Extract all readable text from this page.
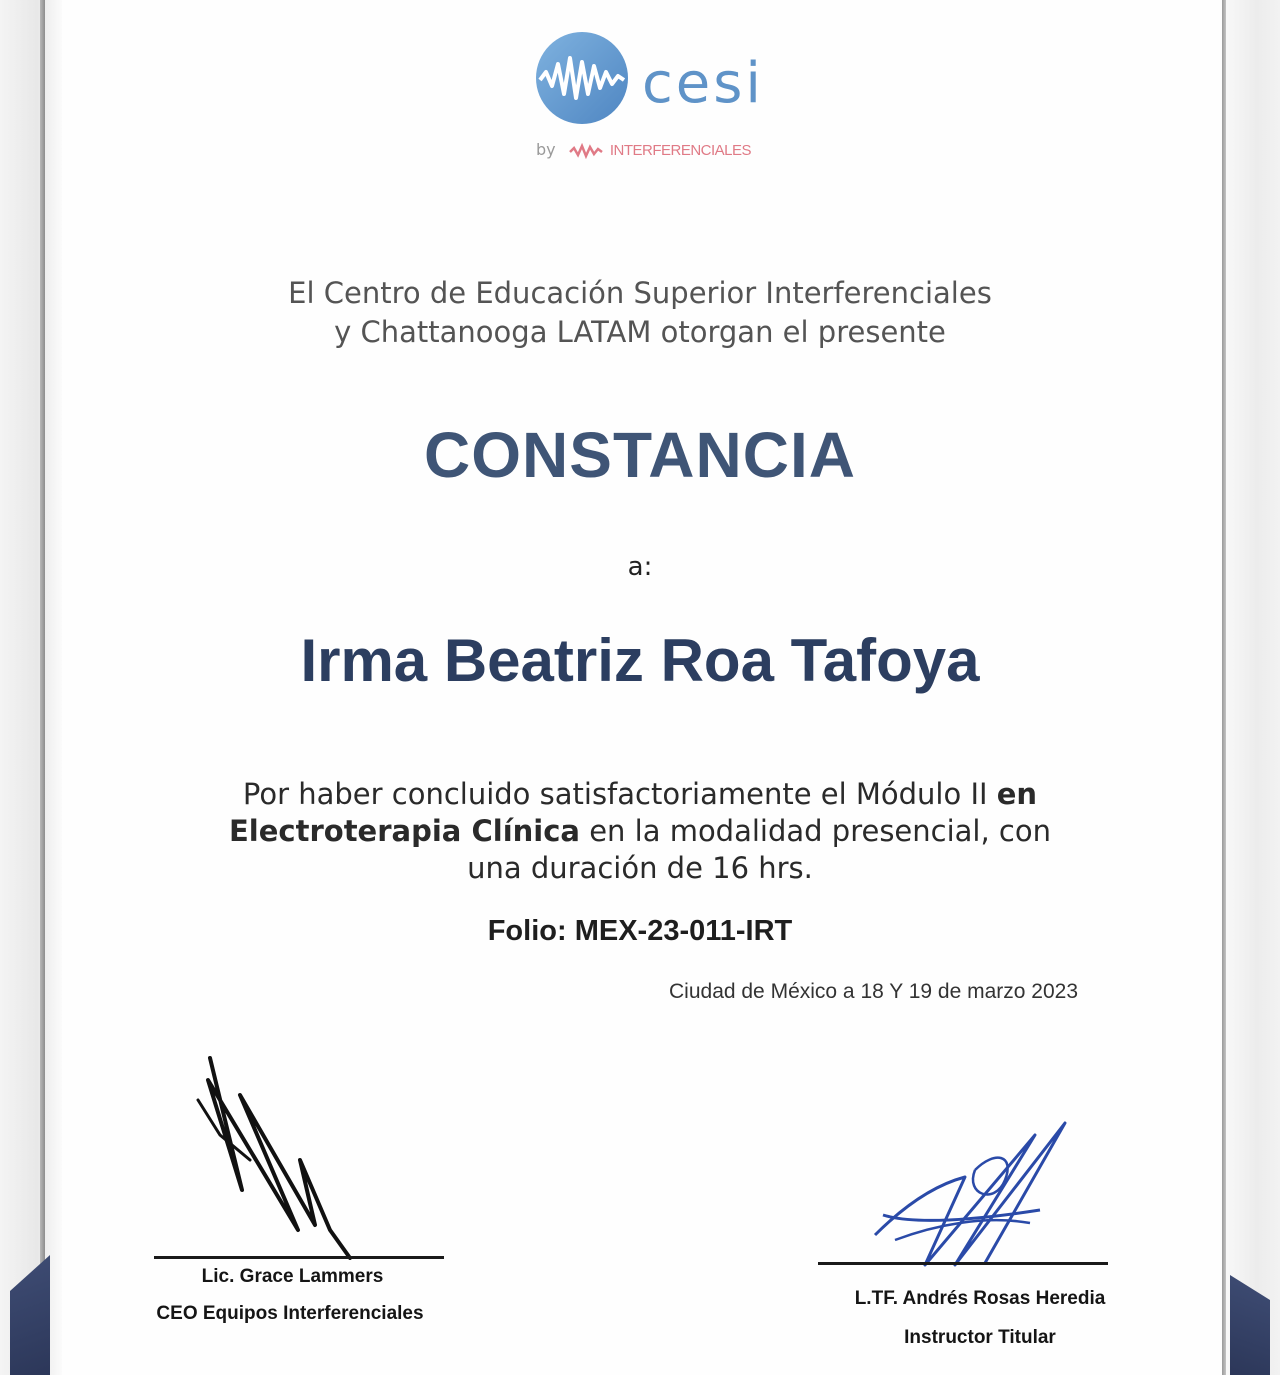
cesi
by	INTERFERENCIALES
El Centro de Educación Superior Interferenciales
y Chattanooga LATAM otorgan el presente
CONSTANCIA
a:
Irma Beatriz Roa Tafoya
Por haber concluido satisfactoriamente el Módulo II en
Electroterapia Clínica en la modalidad presencial, con
una duración de 16 hrs.
Folio: MEX-23-011-IRT
Ciudad de México a 18 Y 19 de marzo 2023
Lic. Grace Lammers
CEO Equipos Interferenciales
L.TF. Andrés Rosas Heredia
Instructor Titular
